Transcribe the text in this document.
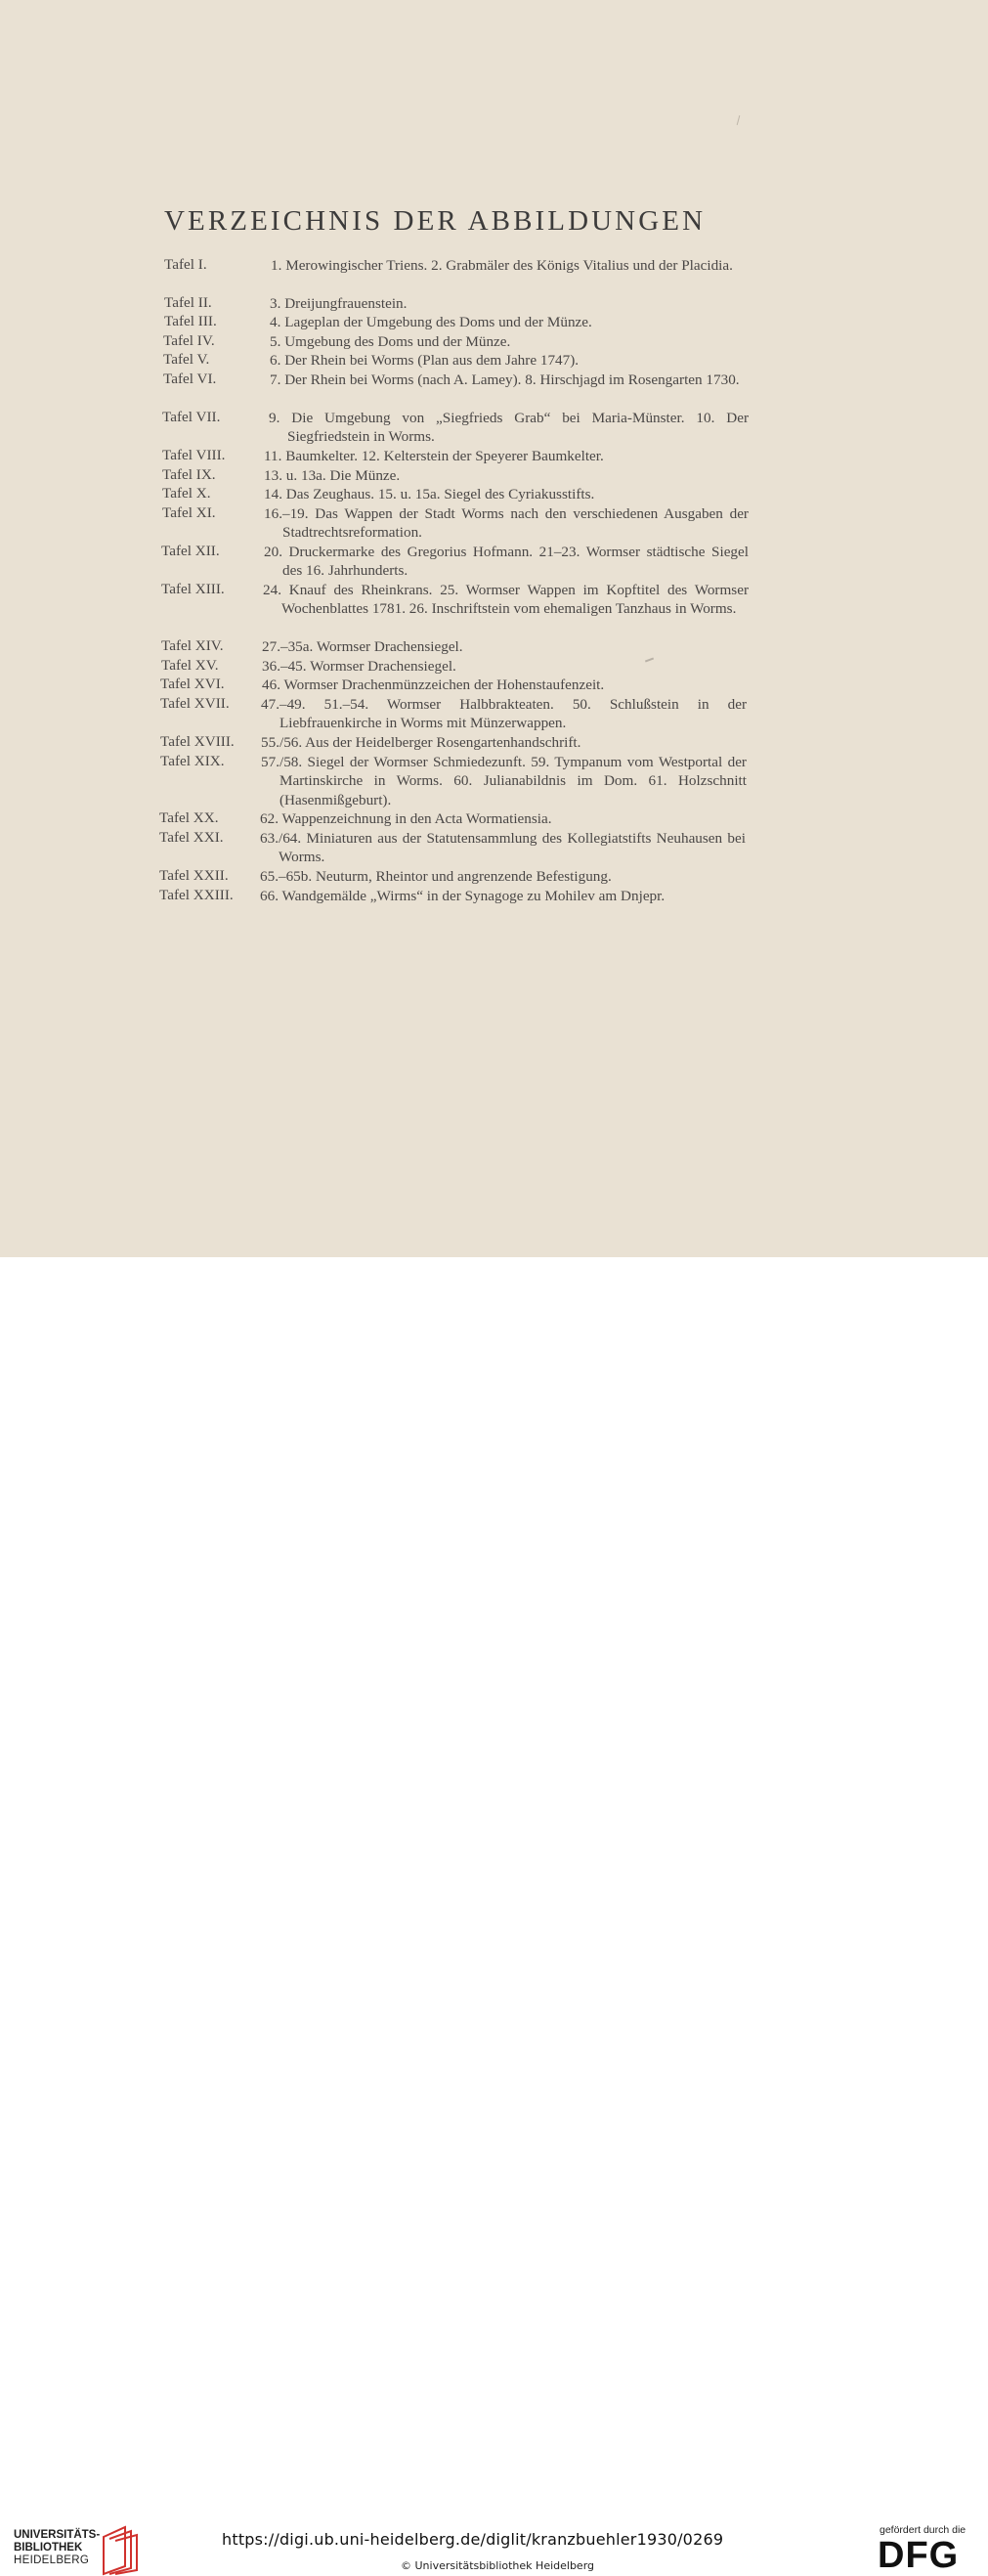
VERZEICHNIS DER ABBILDUNGEN
Tafel I.	1. Merowingischer Triens. 2. Grabmäler des Königs Vitalius und der Placidia.
Tafel II.	3. Dreijungfrauenstein.
Tafel III.	4. Lageplan der Umgebung des Doms und der Münze.
Tafel IV.	5. Umgebung des Doms und der Münze.
Tafel V.	6. Der Rhein bei Worms (Plan aus dem Jahre 1747).
Tafel VI.	7. Der Rhein bei Worms (nach A. Lamey). 8. Hirschjagd im Rosengarten 1730.
Tafel VII.	9. Die Umgebung von „Siegfrieds Grab“ bei Maria-Münster. 10. Der Siegfriedstein in Worms.
Tafel VIII.	11. Baumkelter. 12. Kelterstein der Speyerer Baumkelter.
Tafel IX.	13. u. 13a. Die Münze.
Tafel X.	14. Das Zeughaus. 15. u. 15a. Siegel des Cyriakusstifts.
Tafel XI.	16.–19. Das Wappen der Stadt Worms nach den verschiedenen Ausgaben der Stadtrechtsreformation.
Tafel XII.	20. Druckermarke des Gregorius Hofmann. 21–23. Wormser städtische Siegel des 16. Jahrhunderts.
Tafel XIII.	24. Knauf des Rheinkrans. 25. Wormser Wappen im Kopftitel des Wormser Wochenblattes 1781. 26. Inschriftstein vom ehemaligen Tanzhaus in Worms.
Tafel XIV.	27.–35a. Wormser Drachensiegel.
Tafel XV.	36.–45. Wormser Drachensiegel.
Tafel XVI.	46. Wormser Drachenmünzzeichen der Hohenstaufenzeit.
Tafel XVII. 47.–49. 51.–54. Wormser Halbbrakteaten. 50. Schlußstein in der Liebfrauenkirche in Worms mit Münzerwappen.
Tafel XVIII. 55./56. Aus der Heidelberger Rosengartenhandschrift.
Tafel XIX. 57./58. Siegel der Wormser Schmiedezunft. 59. Tympanum vom Westportal der Martinskirche in Worms. 60. Julianabildnis im Dom. 61. Holzschnitt (Hasenmißgeburt).
Tafel XX.	62. Wappenzeichnung in den Acta Wormatiensia.
Tafel XXI. 63./64. Miniaturen aus der Statutensammlung des Kollegiatstifts Neuhausen bei Worms.
Tafel XXII. 65.–65b. Neuturm, Rheintor und angrenzende Befestigung.
Tafel XXIII. 66. Wandgemälde „Wirms“ in der Synagoge zu Mohilev am Dnjepr.
UNIVERSITÄTS-
BIBLIOTHEK
HEIDELBERG
https://digi.ub.uni-heidelberg.de/diglit/kranzbuehler1930/0269
© Universitätsbibliothek Heidelberg
gefördert durch die
DFG
